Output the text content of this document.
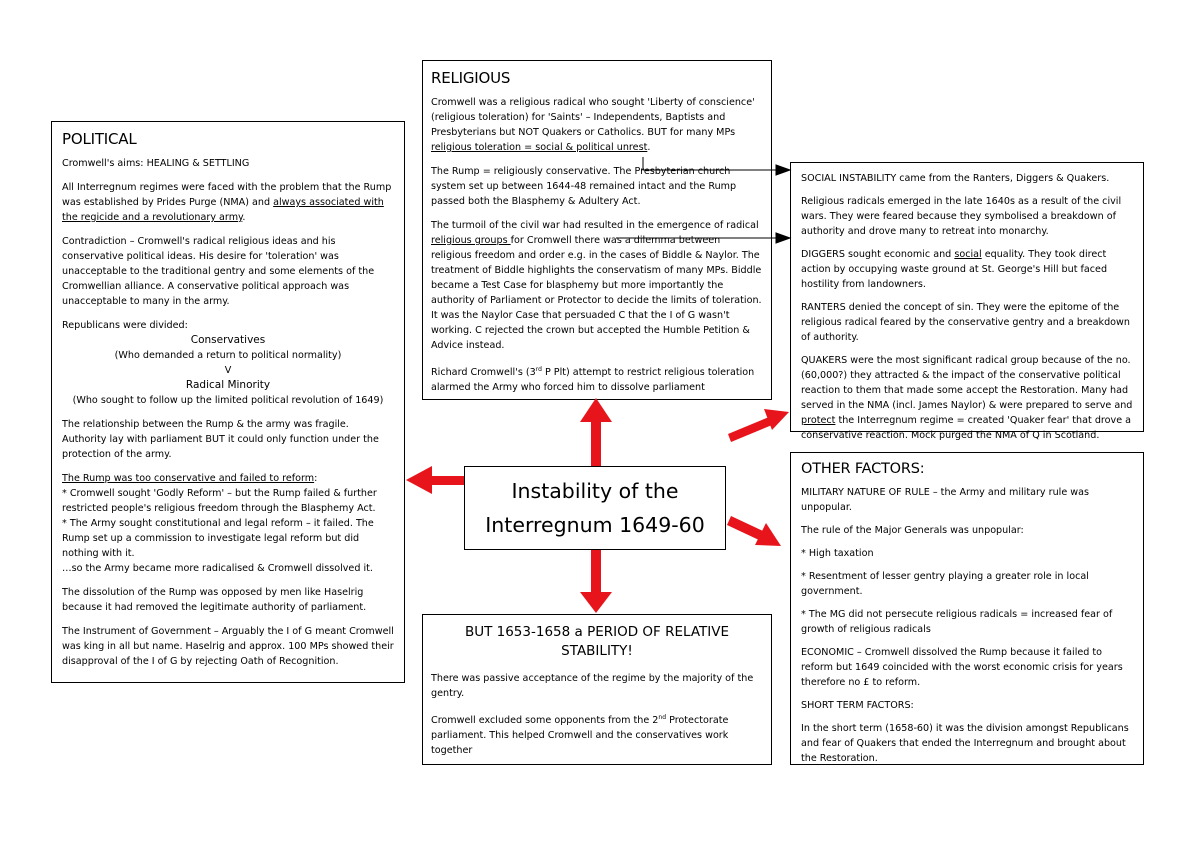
POLITICAL

Cromwell's aims: HEALING & SETTLING

All Interregnum regimes were faced with the problem that the Rump was established by Prides Purge (NMA) and always associated with the regicide and a revolutionary army.

Contradiction – Cromwell's radical religious ideas and his conservative political ideas. His desire for 'toleration' was unacceptable to the traditional gentry and some elements of the Cromwellian alliance. A conservative political approach was unacceptable to many in the army.

Republicans were divided:

Conservatives

(Who demanded a return to political normality)

V

Radical Minority

(Who sought to follow up the limited political revolution of 1649)

The relationship between the Rump & the army was fragile. Authority lay with parliament BUT it could only function under the protection of the army.

The Rump was too conservative and failed to reform:

* Cromwell sought 'Godly Reform' – but the Rump failed & further restricted people's religious freedom through the Blasphemy Act.

* The Army sought constitutional and legal reform – it failed. The Rump set up a commission to investigate legal reform but did nothing with it.

…so the Army became more radicalised & Cromwell dissolved it.

The dissolution of the Rump was opposed by men like Haselrig because it had removed the legitimate authority of parliament.

The Instrument of Government – Arguably the I of G meant Cromwell was king in all but name. Haselrig and approx. 100 MPs showed their disapproval of the I of G by rejecting Oath of Recognition.

RELIGIOUS

Cromwell was a religious radical who sought 'Liberty of conscience' (religious toleration) for 'Saints' – Independents, Baptists and Presbyterians but NOT Quakers or Catholics. BUT for many MPs religious toleration = social & political unrest.

The Rump = religiously conservative. The Presbyterian church system set up between 1644-48 remained intact and the Rump passed both the Blasphemy & Adultery Act.

The turmoil of the civil war had resulted in the emergence of radical religious groups for Cromwell there was a dilemma between religious freedom and order e.g. in the cases of Biddle & Naylor. The treatment of Biddle highlights the conservatism of many MPs. Biddle became a Test Case for blasphemy but more importantly the authority of Parliament or Protector to decide the limits of toleration. It was the Naylor Case that persuaded C that the I of G wasn't working. C rejected the crown but accepted the Humble Petition & Advice instead.

Richard Cromwell's (3rd P Plt) attempt to restrict religious toleration alarmed the Army who forced him to dissolve parliament

SOCIAL INSTABILITY came from the Ranters, Diggers & Quakers.

Religious radicals emerged in the late 1640s as a result of the civil wars. They were feared because they symbolised a breakdown of authority and drove many to retreat into monarchy.

DIGGERS sought economic and social equality. They took direct action by occupying waste ground at St. George's Hill but faced hostility from landowners.

RANTERS denied the concept of sin. They were the epitome of the religious radical feared by the conservative gentry and a breakdown of authority.

QUAKERS were the most significant radical group because of the no. (60,000?) they attracted & the impact of the conservative political reaction to them that made some accept the Restoration. Many had served in the NMA (incl. James Naylor) & were prepared to serve and protect the Interregnum regime = created 'Quaker fear' that drove a conservative reaction. Mock purged the NMA of Q in Scotland.

OTHER FACTORS:

MILITARY NATURE OF RULE – the Army and military rule was unpopular.

The rule of the Major Generals was unpopular:

* High taxation

* Resentment of lesser gentry playing a greater role in local government.

* The MG did not persecute religious radicals = increased fear of growth of religious radicals

ECONOMIC – Cromwell dissolved the Rump because it failed to reform but 1649 coincided with the worst economic crisis for years therefore no £ to reform.

SHORT TERM FACTORS:

In the short term (1658-60) it was the division amongst Republicans and fear of Quakers that ended the Interregnum and brought about the Restoration.

Instability of the Interregnum 1649-60
BUT 1653-1658 a PERIOD OF RELATIVE STABILITY!

There was passive acceptance of the regime by the majority of the gentry.

Cromwell excluded some opponents from the 2nd Protectorate parliament. This helped Cromwell and the conservatives work together
